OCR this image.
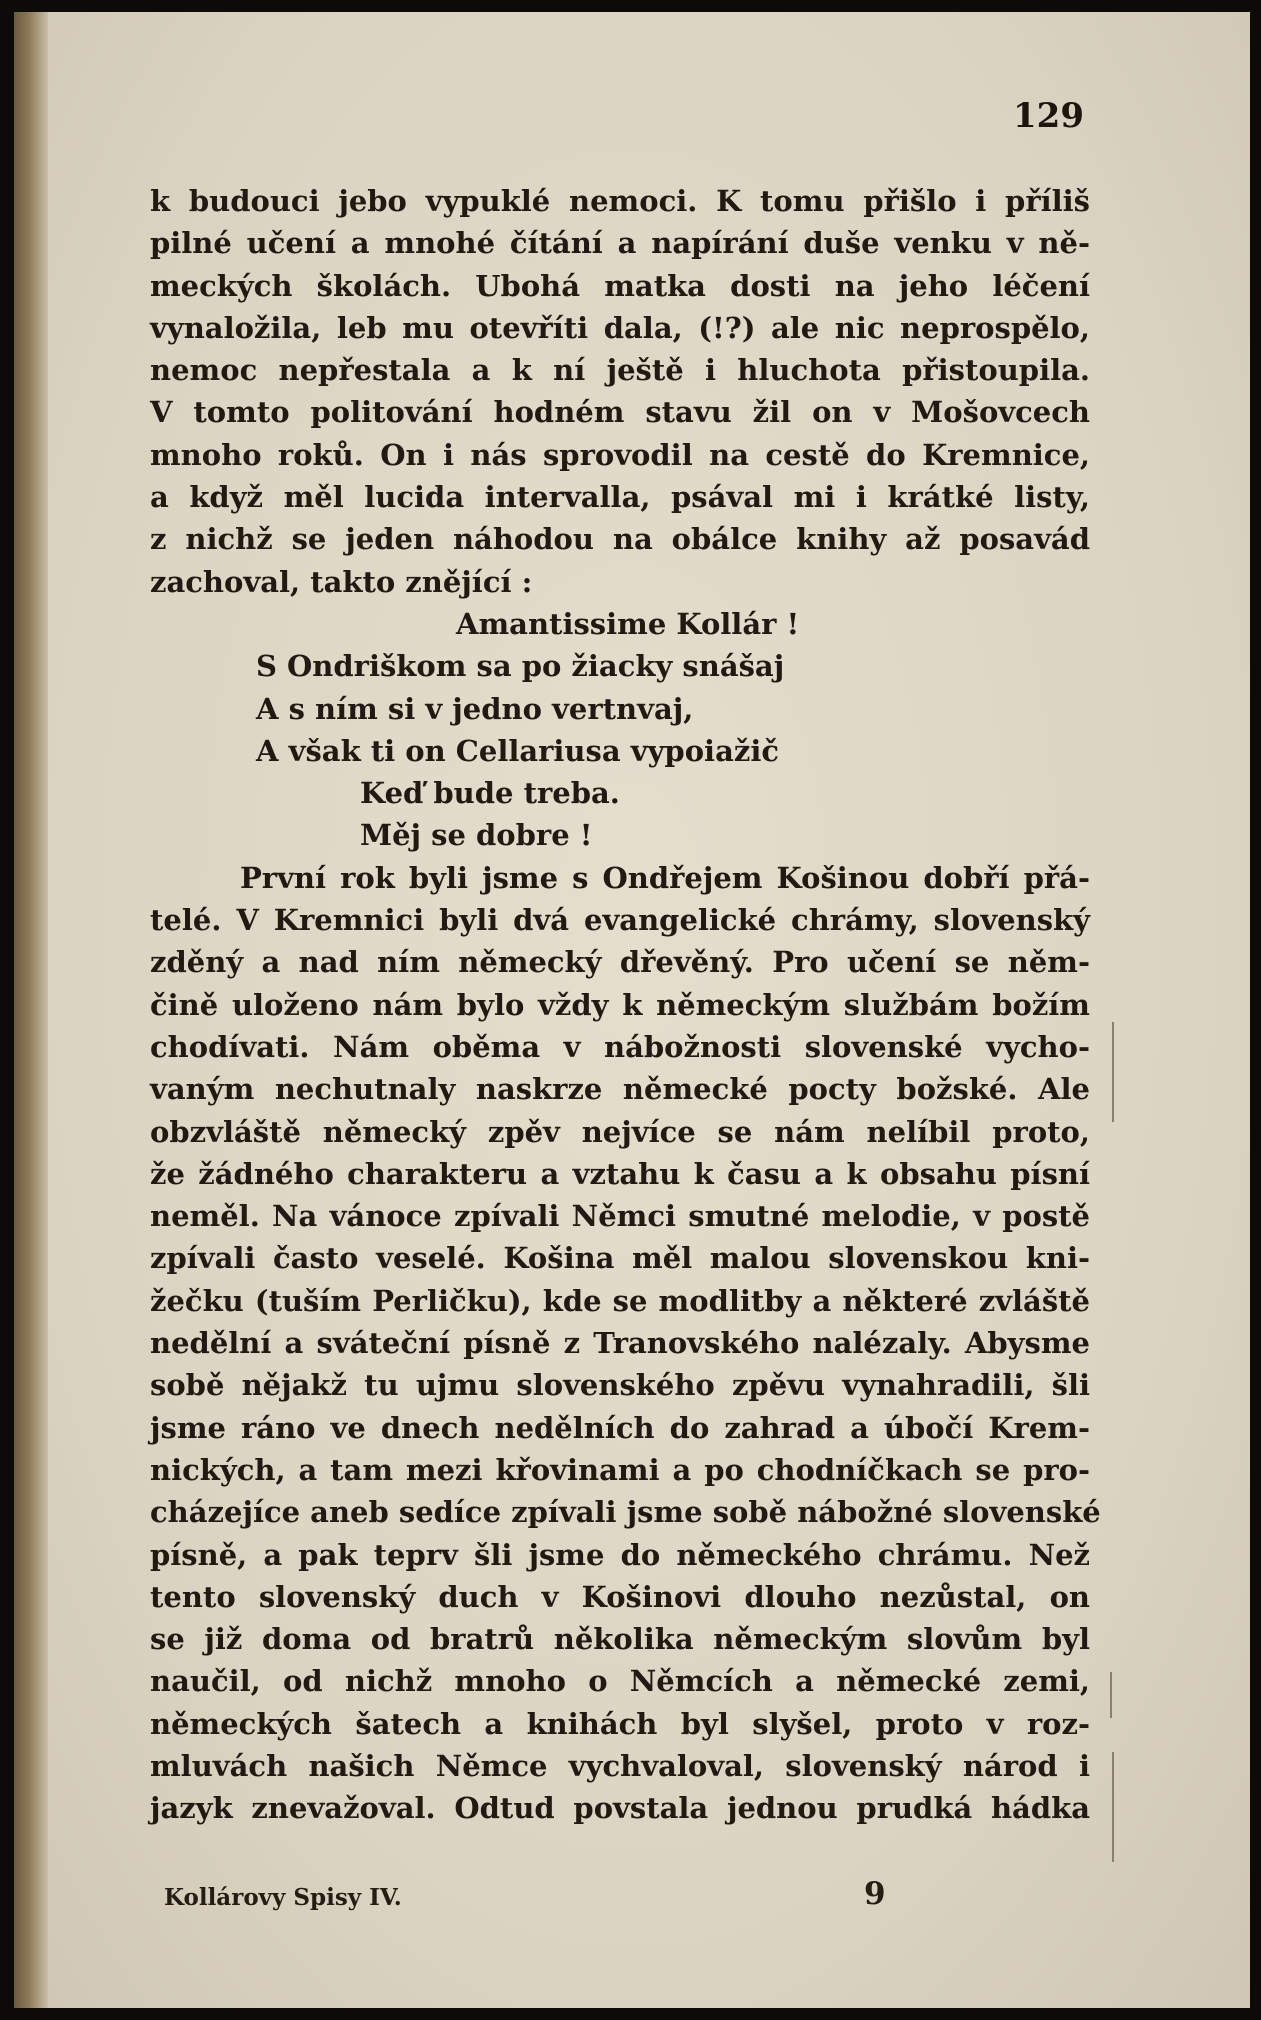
129
k budouci jebo vypuklé nemoci. K tomu přišlo i příliš
pilné učení a mnohé čítání a napírání duše venku v ně-
meckých školách. Ubohá matka dosti na jeho léčení
vynaložila, leb mu otevříti dala, (!?) ale nic neprospělo,
nemoc nepřestala a k ní ještě i hluchota přistoupila.
V tomto politování hodném stavu žil on v Mošovcech
mnoho roků. On i nás sprovodil na cestě do Kremnice,
a když měl lucida intervalla, psával mi i krátké listy,
z nichž se jeden náhodou na obálce knihy až posavád
zachoval, takto znějící :
Amantissime Kollár !
S Ondriškom sa po žiacky snášaj
A s ním si v jedno vertnvaj,
A však ti on Cellariusa vypoiažič
Keď bude treba.
Měj se dobre !
První rok byli jsme s Ondřejem Košinou dobří přá-
telé. V Kremnici byli dvá evangelické chrámy, slovenský
zděný a nad ním německý dřevěný. Pro učení se něm-
čině uloženo nám bylo vždy k německým službám božím
chodívati. Nám oběma v nábožnosti slovenské vycho-
vaným nechutnaly naskrze německé pocty božské. Ale
obzvláště německý zpěv nejvíce se nám nelíbil proto,
že žádného charakteru a vztahu k času a k obsahu písní
neměl. Na vánoce zpívali Němci smutné melodie, v postě
zpívali často veselé. Košina měl malou slovenskou kni-
žečku (tuším Perličku), kde se modlitby a některé zvláště
nedělní a sváteční písně z Tranovského nalézaly. Abysme
sobě nějakž tu ujmu slovenského zpěvu vynahradili, šli
jsme ráno ve dnech nedělních do zahrad a úbočí Krem-
nických, a tam mezi křovinami a po chodníčkach se pro-
cházejíce aneb sedíce zpívali jsme sobě nábožné slovenské
písně, a pak teprv šli jsme do německého chrámu. Než
tento slovenský duch v Košinovi dlouho nezůstal, on
se již doma od bratrů několika německým slovům byl
naučil, od nichž mnoho o Němcích a německé zemi,
německých šatech a knihách byl slyšel, proto v roz-
mluvách našich Němce vychvaloval, slovenský národ i
jazyk znevažoval. Odtud povstala jednou prudká hádka
Kollárovy Spisy IV.	9
